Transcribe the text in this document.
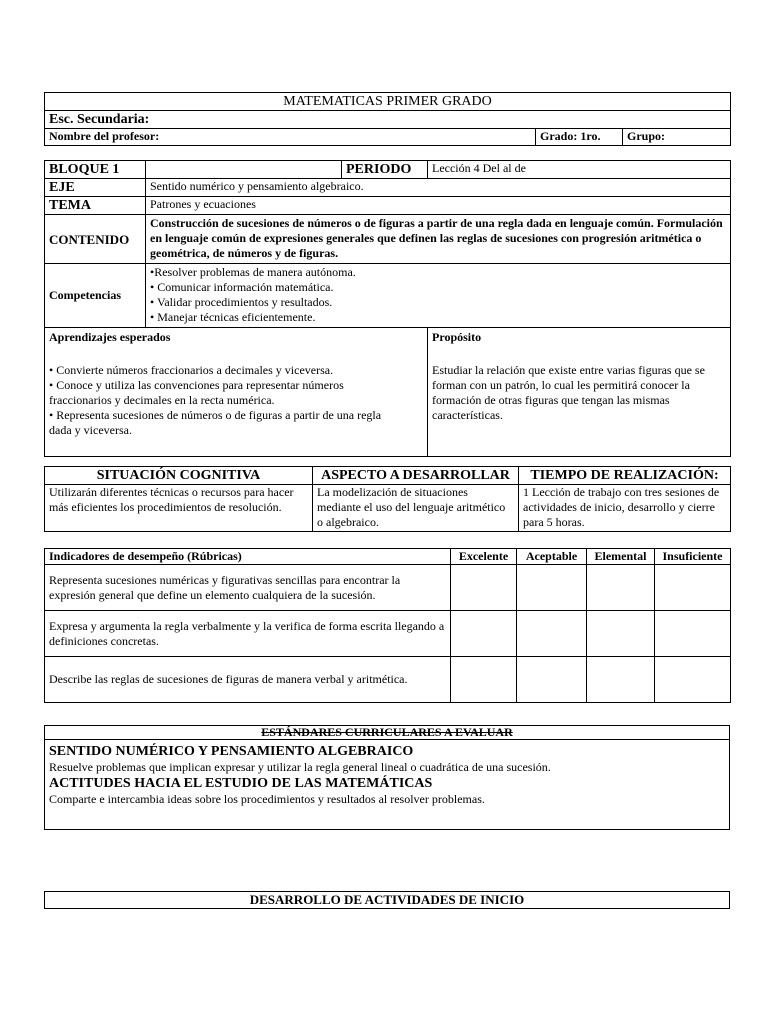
MATEMATICAS PRIMER GRADO
Esc. Secundaria:
Nombre del profesor:	Grado: 1ro.	Grupo:
BLOQUE 1		PERIODO	Lección 4 Del al de
EJE	Sentido numérico y pensamiento algebraico.		
TEMA	Patrones y ecuaciones		
CONTENIDO	Construcción de sucesiones de números o de figuras a partir de una regla dada en lenguaje común. Formulación en lenguaje común de expresiones generales que definen las reglas de sucesiones con progresión aritmética o geométrica, de números y de figuras.		
Competencias	•Resolver problemas de manera autónoma.
• Comunicar información matemática.
• Validar procedimientos y resultados.
• Manejar técnicas eficientemente.		

Aprendizajes esperados
• Convierte números fraccionarios a decimales y viceversa.
• Conoce y utiliza las convenciones para representar números fraccionarios y decimales en la recta numérica.
• Representa sucesiones de números o de figuras a partir de una regla dada y viceversa.			Propósito
Estudiar la relación que existe entre varias figuras que se forman con un patrón, lo cual les permitirá conocer la formación de otras figuras que tengan las mismas características.
SITUACIÓN COGNITIVA	ASPECTO A DESARROLLAR	TIEMPO DE REALIZACIÓN:
Utilizarán diferentes técnicas o recursos para hacer más eficientes los procedimientos de resolución.	La modelización de situaciones mediante el uso del lenguaje aritmético o algebraico.	1 Lección de trabajo con tres sesiones de actividades de inicio, desarrollo y cierre para 5 horas.
Indicadores de desempeño (Rúbricas)	Excelente	Aceptable	Elemental	Insuficiente
Representa sucesiones numéricas y figurativas sencillas para encontrar la expresión general que define un elemento cualquiera de la sucesión.				
Expresa y argumenta la regla verbalmente y la verifica de forma escrita llegando a definiciones concretas.				
Describe las reglas de sucesiones de figuras de manera verbal y aritmética.				
ESTÁNDARES CURRICULARES A EVALUAR

SENTIDO NUMÉRICO Y PENSAMIENTO ALGEBRAICO
Resuelve problemas que implican expresar y utilizar la regla general lineal o cuadrática de una sucesión.
ACTITUDES HACIA EL ESTUDIO DE LAS MATEMÁTICAS
Comparte e intercambia ideas sobre los procedimientos y resultados al resolver problemas.
DESARROLLO DE ACTIVIDADES DE INICIO
